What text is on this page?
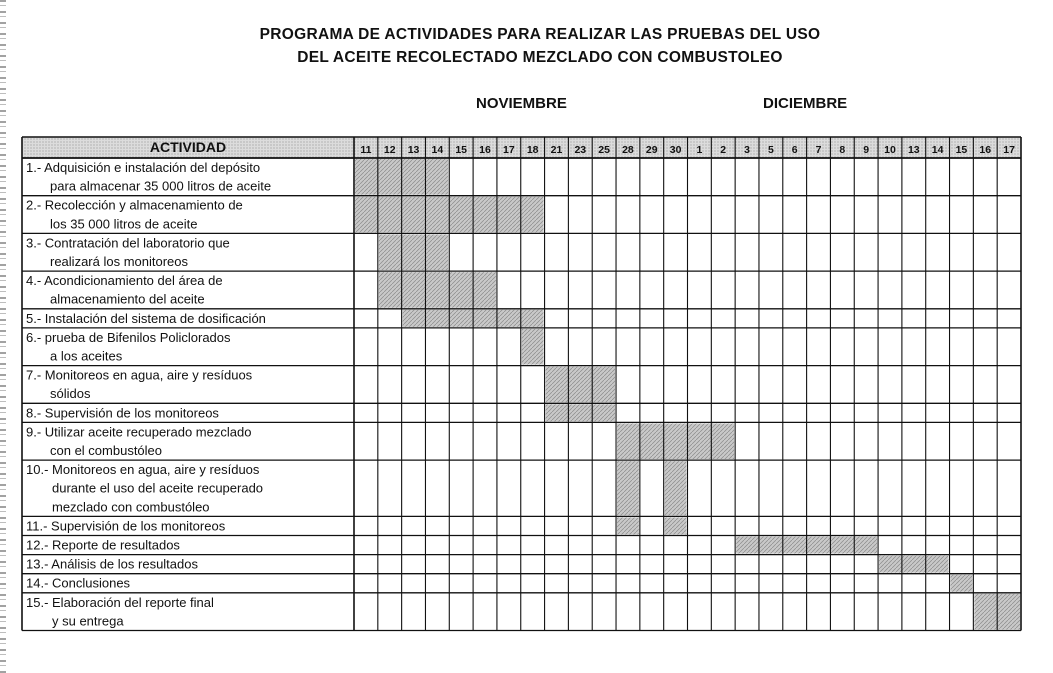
PROGRAMA DE ACTIVIDADES PARA REALIZAR LAS PRUEBAS DEL USO
DEL ACEITE RECOLECTADO MEZCLADO CON COMBUSTOLEO
NOVIEMBRE	DICIEMBRE
ACTIVIDAD	11 12 13 14 15 16 17 18 21 23 25 28 29 30 1 2 3 5 6 7 8 9 10 13 14 15 16 17
1.- Adquisición e instalación del depósito
para almacenar 35 000 litros de aceite
2.- Recolección y almacenamiento de
los 35 000 litros de aceite
3.- Contratación del laboratorio que
realizará los monitoreos
4.- Acondicionamiento del área de
almacenamiento del aceite
5.- Instalación del sistema de dosificación
6.- prueba de Bifenilos Policlorados
a los aceites
7.- Monitoreos en agua, aire y resíduos
sólidos
8.- Supervisión de los monitoreos
9.- Utilizar aceite recuperado mezclado
con el combustóleo
10.- Monitoreos en agua, aire y resíduos
durante el uso del aceite recuperado
mezclado con combustóleo
11.- Supervisión de los monitoreos
12.- Reporte de resultados
13.- Análisis de los resultados
14.- Conclusiones
15.- Elaboración del reporte final
y su entrega
